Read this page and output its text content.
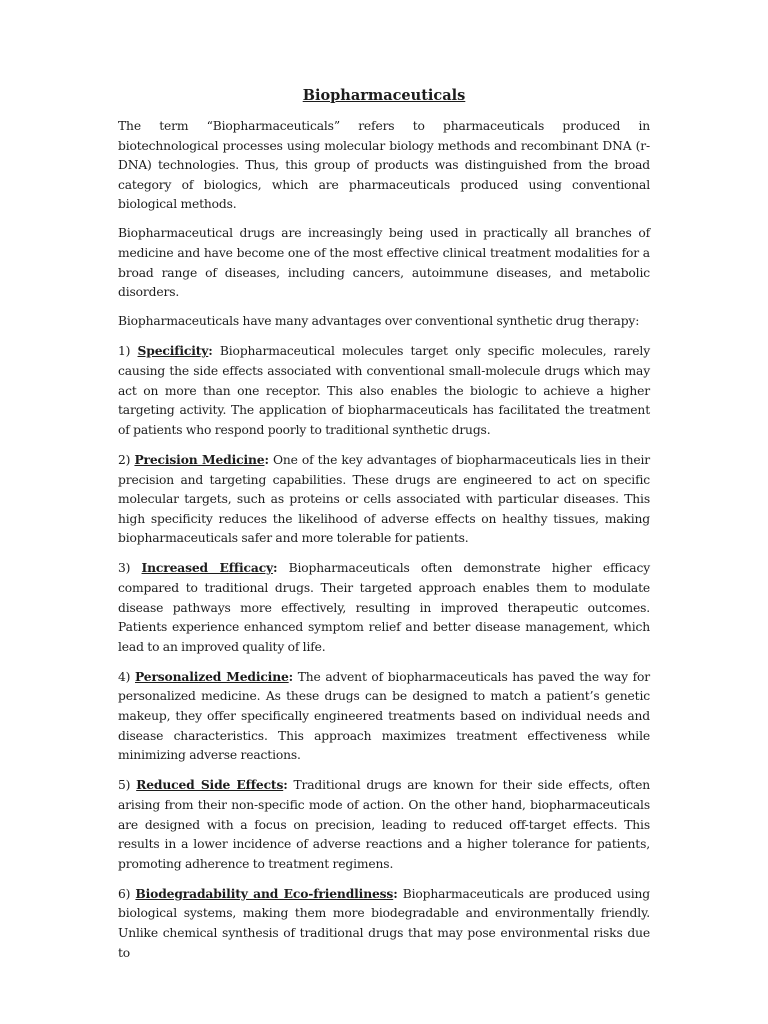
Biopharmaceuticals

The term “Biopharmaceuticals” refers to pharmaceuticals produced in biotechnological processes using molecular biology methods and recombinant DNA (r-DNA) technologies. Thus, this group of products was distinguished from the broad category of biologics, which are pharmaceuticals produced using conventional biological methods.

Biopharmaceutical drugs are increasingly being used in practically all branches of medicine and have become one of the most effective clinical treatment modalities for a broad range of diseases, including cancers, autoimmune diseases, and metabolic disorders.

Biopharmaceuticals have many advantages over conventional synthetic drug therapy:

1) Specificity: Biopharmaceutical molecules target only specific molecules, rarely causing the side effects associated with conventional small-molecule drugs which may act on more than one receptor. This also enables the biologic to achieve a higher targeting activity. The application of biopharmaceuticals has facilitated the treatment of patients who respond poorly to traditional synthetic drugs.

2) Precision Medicine: One of the key advantages of biopharmaceuticals lies in their precision and targeting capabilities. These drugs are engineered to act on specific molecular targets, such as proteins or cells associated with particular diseases. This high specificity reduces the likelihood of adverse effects on healthy tissues, making biopharmaceuticals safer and more tolerable for patients.

3) Increased Efficacy: Biopharmaceuticals often demonstrate higher efficacy compared to traditional drugs. Their targeted approach enables them to modulate disease pathways more effectively, resulting in improved therapeutic outcomes. Patients experience enhanced symptom relief and better disease management, which lead to an improved quality of life.

4) Personalized Medicine: The advent of biopharmaceuticals has paved the way for personalized medicine. As these drugs can be designed to match a patient’s genetic makeup, they offer specifically engineered treatments based on individual needs and disease characteristics. This approach maximizes treatment effectiveness while minimizing adverse reactions.

5) Reduced Side Effects: Traditional drugs are known for their side effects, often arising from their non-specific mode of action. On the other hand, biopharmaceuticals are designed with a focus on precision, leading to reduced off-target effects. This results in a lower incidence of adverse reactions and a higher tolerance for patients, promoting adherence to treatment regimens.

6) Biodegradability and Eco-friendliness: Biopharmaceuticals are produced using biological systems, making them more biodegradable and environmentally friendly. Unlike chemical synthesis of traditional drugs that may pose environmental risks due to
